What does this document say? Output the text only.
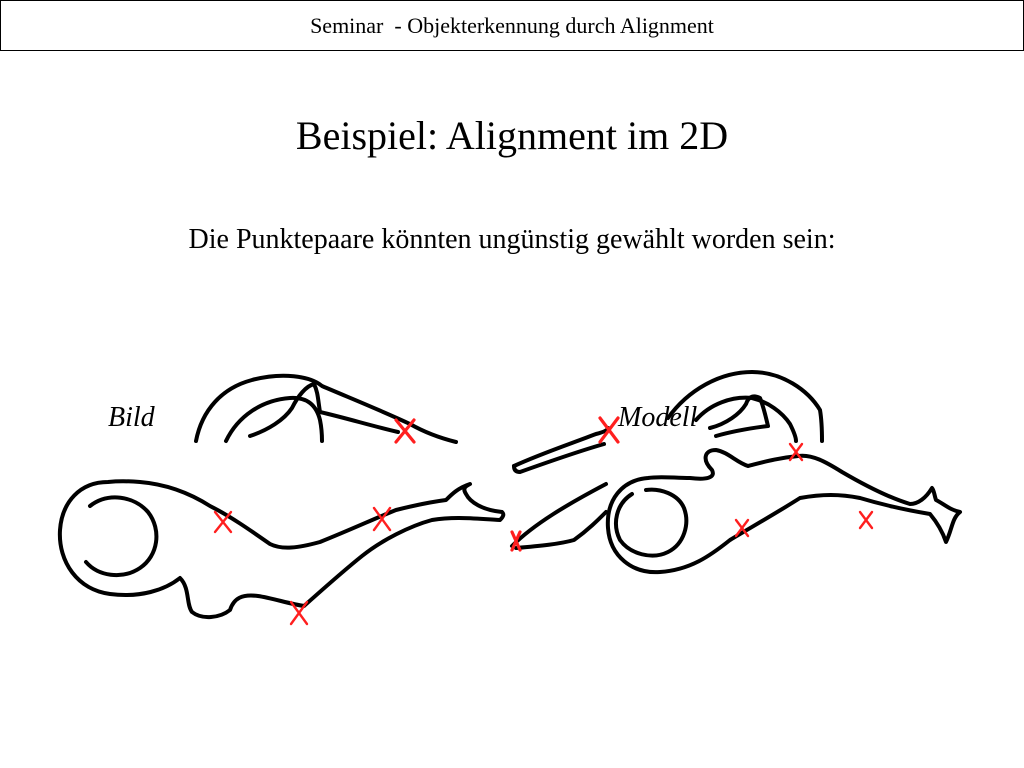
Seminar  - Objekterkennung durch Alignment
Beispiel: Alignment im 2D
Die Punktepaare könnten ungünstig gewählt worden sein:
Bild	Modell
